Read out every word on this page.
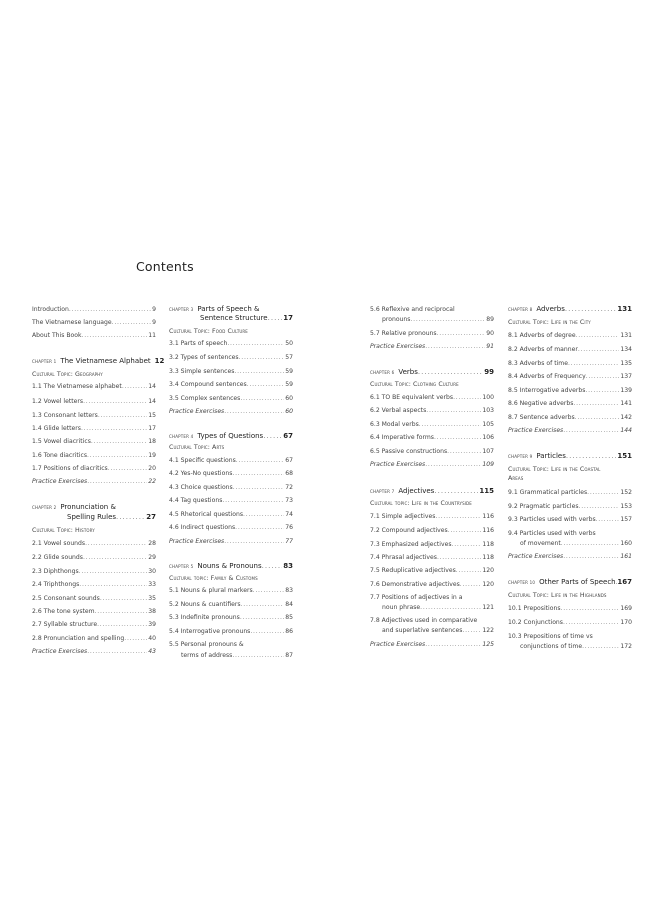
Contents
Introduction . . .	9
The Vietnamese language . . .	9
About This Book . . .	11
CHAPTER 1 The Vietnamese Alphabet 12
Cultural Topic: Geography
1.1 The Vietnamese alphabet . . .	14
1.2 Vowel letters . . .	14
1.3 Consonant letters . . .	15
1.4 Glide letters . . .	17
1.5 Vowel diacritics . . .	18
1.6 Tone diacritics . . .	19
1.7 Positions of diacritics . . .	20
Practice Exercises . . .	22
CHAPTER 2 Pronunciation &
Spelling Rules . . .	27
Cultural Topic: History
2.1 Vowel sounds . . .	28
2.2 Glide sounds . . .	29
2.3 Diphthongs . . .	30
2.4 Triphthongs . . .	33
2.5 Consonant sounds . . .	35
2.6 The tone system . . .	38
2.7 Syllable structure . . .	39
2.8 Pronunciation and spelling . . .	40
Practice Exercises . . .	43
CHAPTER 3 Parts of Speech &
Sentence Structure . . . 17
Cultural Topic: Food Culture
3.1 Parts of speech . . .	50
3.2 Types of sentences . . .	57
3.3 Simple sentences . . .	59
3.4 Compound sentences . . .	59
3.5 Complex sentences . . .	60
Practice Exercises . . .	60
CHAPTER 4 Types of Questions . . .	67
Cultural Topic: Arts
4.1 Specific questions . . .	67
4.2 Yes-No questions . . .	68
4.3 Choice questions . . .	72
4.4 Tag questions . . .	73
4.5 Rhetorical questions . . .	74
4.6 Indirect questions . . .	76
Practice Exercises . . .	77
CHAPTER 5 Nouns & Pronouns . . .	83
Cultural topic: Family & Customs
5.1 Nouns & plural markers . . .	83
5.2 Nouns & cuantifiers . . .	84
5.3 Indefinite pronouns . . .	85
5.4 Interrogative pronouns . . .	86
5.5 Personal pronouns &
terms of address . . .	87
5.6 Reflexive and reciprocal
pronouns . . .	89
5.7 Relative pronouns . . .	90
Practice Exercises . . .	91
CHAPTER 6 Verbs . . .	99
Cultural Topic: Clothing Culture
6.1 TO BE equivalent verbs . . .	100
6.2 Verbal aspects . . .	103
6.3 Modal verbs . . .	105
6.4 Imperative forms . . .	106
6.5 Passive constructions . . .	107
Practice Exercises . . .	109
CHAPTER 7 Adjectives . . .	115
Cultural topic: Life in the Countryside
7.1 Simple adjectives . . .	116
7.2 Compound adjectives . . .	116
7.3 Emphasized adjectives . . .	118
7.4 Phrasal adjectives . . .	118
7.5 Reduplicative adjectives . . .	120
7.6 Demonstrative adjectives . . .	120
7.7 Positions of adjectives in a
noun phrase . . .	121
7.8 Adjectives used in comparative
and superlative sentences . . .	122
Practice Exercises . . .	125
CHAPTER 8 Adverbs . . .	131
Cultural Topic: Life in the City
8.1 Adverbs of degree . . .	131
8.2 Adverbs of manner . . .	134
8.3 Adverbs of time . . .	135
8.4 Adverbs of Frequency . . .	137
8.5 Interrogative adverbs . . .	139
8.6 Negative adverbs . . .	141
8.7 Sentence adverbs . . .	142
Practice Exercises . . .	144
CHAPTER 9 Particles . . .	151
Cultural Topic: Life in the Coastal
Areas
9.1 Grammatical particles . . .	152
9.2 Pragmatic particles . . .	153
9.3 Particles used with verbs . . .	157
9.4 Particles used with verbs
of movement . . .	160
Practice Exercises . . .	161
CHAPTER 10 Other Parts of Speech . . . 167
Cultural Topic: Life in the Highlands
10.1 Prepositions . . .	169
10.2 Conjunctions . . .	170
10.3 Prepositions of time vs
conjunctions of time . . .	172
